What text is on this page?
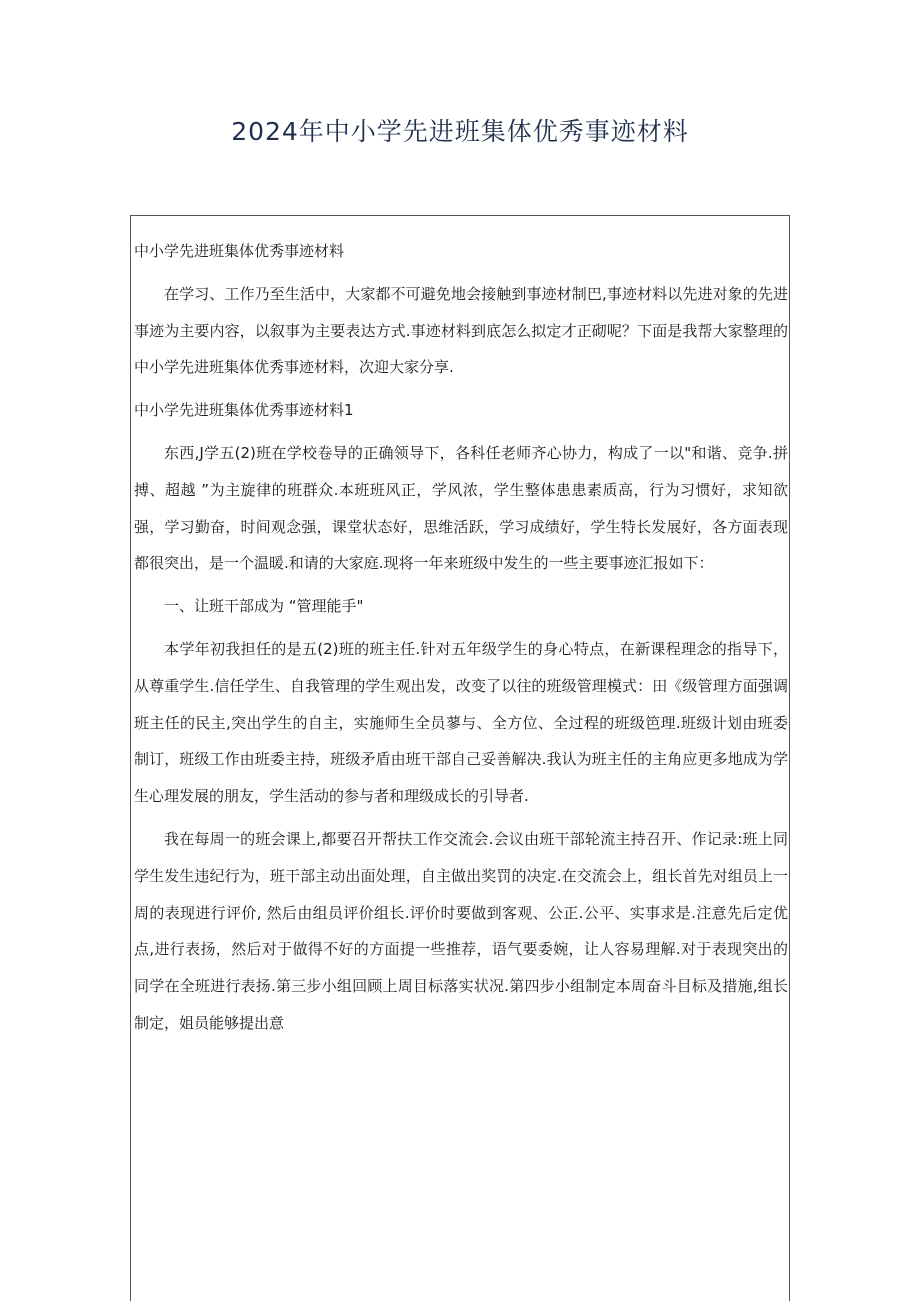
2024年中小学先进班集体优秀事迹材料

中小学先进班集体优秀事迹材料

在学习、工作乃至生活中，大家都不可避免地会接触到事迹材制巴,事迹材料以先进对象的先进事迹为主要内容，以叙事为主要表达方式.事迹材料到底怎么拟定才正砌呢？下面是我帮大家整理的中小学先进班集体优秀事迹材料，次迎大家分享.

中小学先进班集体优秀事迹材料1

东西,J学五(2)班在学校卷导的正确领导下，各科任老师齐心协力，构成了一以"和谐、竞争.拼搏、超越 ”为主旋律的班群众.本班班风正，学风浓，学生整体患患素质高，行为习惯好，求知欲强，学习勤奋，时间观念强，课堂状态好，思维活跃，学习成绩好，学生特长发展好，各方面表现都很突出，是一个温暖.和请的大家庭.现将一年来班级中发生的一些主要事迹汇报如下：

一、让班干部成为 “管理能手"

本学年初我担任的是五(2)班的班主任.针对五年级学生的身心特点，在新课程理念的指导下，从尊重学生.信任学生、自我管理的学生观出发，改变了以往的班级管理模式：田《级管理方面强调班主任的民主,突出学生的自主，实施师生全员蓼与、全方位、全过程的班级笆理.班级计划由班委制订，班级工作由班委主持，班级矛盾由班干部自己妥善解决.我认为班主任的主角应更多地成为学生心理发展的朋友，学生活动的参与者和理级成长的引导者.

我在每周一的班会课上,都要召开帮扶工作交流会.会议由班干部轮流主持召开、作记录:班上同学生发生违纪行为，班干部主动出面处理，自主做出奖罚的决定.在交流会上，组长首先对组员上一周的表现进行评价, 然后由组员评价组长.评价时要做到客观、公正.公平、实事求是.注意先后定优点,进行表扬，然后对于做得不好的方面提一些推荐，语气要委婉，让人容易理解.对于表现突出的同学在全班进行表扬.第三步小组回顾上周目标落实状况.第四步小组制定本周奋斗目标及措施,组长制定，姐员能够提出意
